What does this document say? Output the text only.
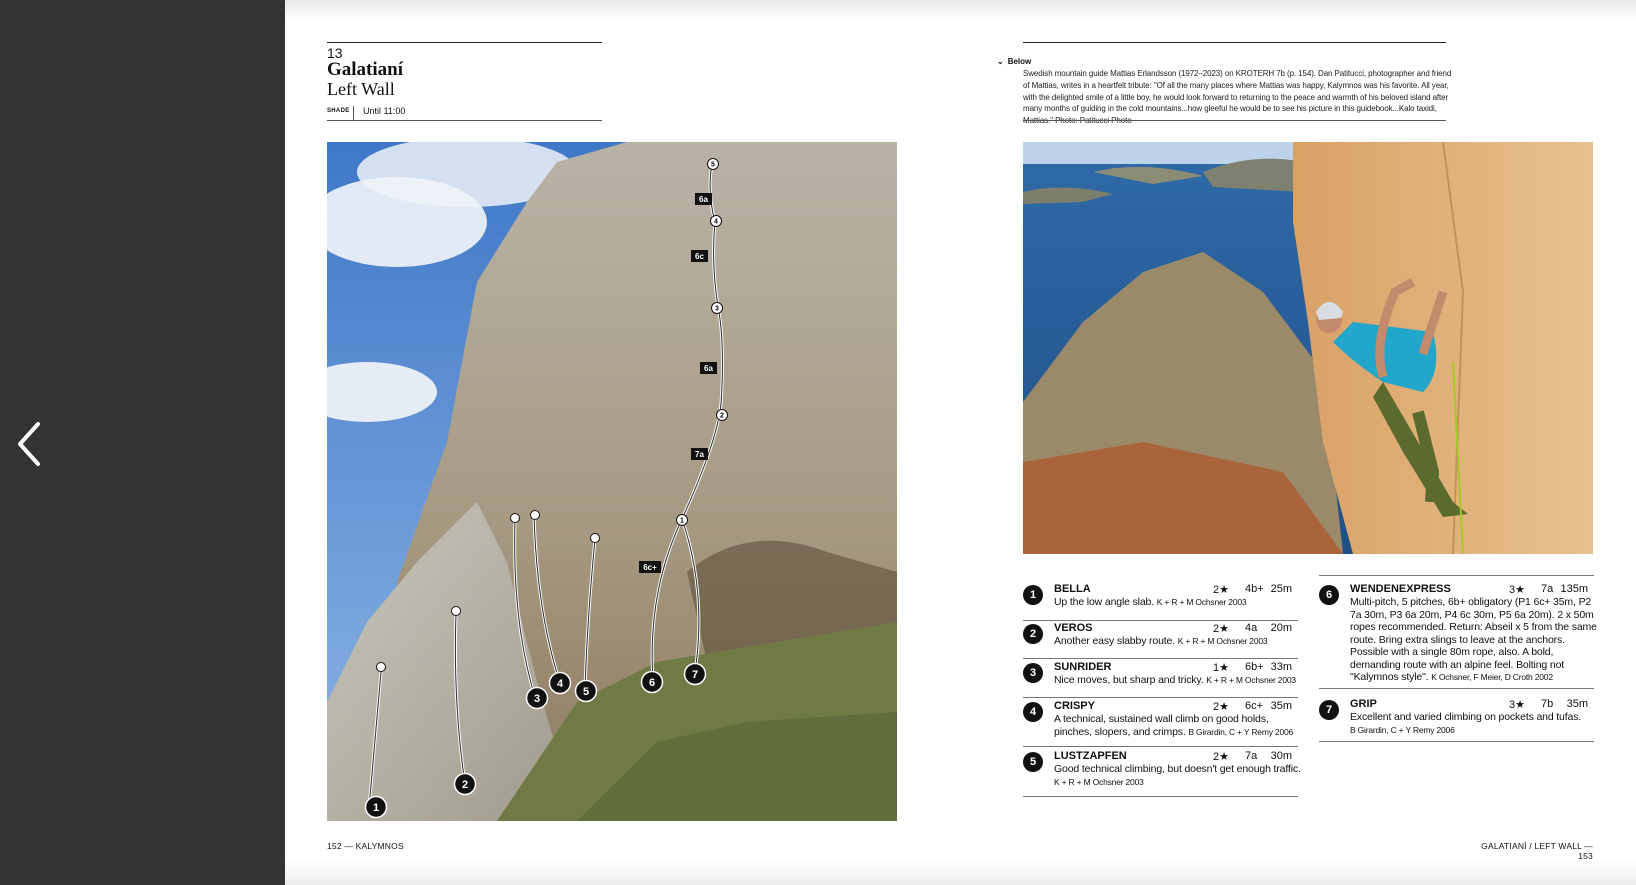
13
Galatianí
Left Wall
SHADE Until 11:00
1
2
3
4
5
6a
6c
6a
7a
6c+
1
2
3
4
5
6
7
152 — KALYMNOS
⌄ Below
Swedish mountain guide Mattias Erlandsson (1972–2023) on KROTERH 7b (p. 154). Dan Patitucci, photographer and friend of Mattias, writes in a heartfelt tribute: "Of all the many places where Mattias was happy, Kalymnos was his favorite. All year, with the delighted smile of a little boy, he would look forward to returning to the peace and warmth of his beloved island after many months of guiding in the cold mountains...how gleeful he would be to see his picture in this guidebook...Kalo taxidi, Mattias." Photo: Patitucci Photo
1	BELLA	2★ 4b+ 25m
Up the low angle slab. K + R + M Ochsner 2003
2	VEROS	2★ 4a 20m
Another easy slabby route. K + R + M Ochsner 2003
3	SUNRIDER	1★ 6b+ 33m
Nice moves, but sharp and tricky. K + R + M Ochsner 2003
4	CRISPY	2★ 6c+ 35m
A technical, sustained wall climb on good holds, pinches, slopers, and crimps. B Girardin, C + Y Remy 2006
5	LUSTZAPFEN	2★ 7a 30m
Good technical climbing, but doesn't get enough traffic. K + R + M Ochsner 2003
6	WENDENEXPRESS	3★ 7a 135m
Multi-pitch, 5 pitches, 6b+ obligatory (P1 6c+ 35m, P2 7a 30m, P3 6a 20m, P4 6c 30m, P5 6a 20m). 2 x 50m ropes recommended. Return: Abseil x 5 from the same route. Bring extra slings to leave at the anchors. Possible with a single 80m rope, also. A bold, demanding route with an alpine feel. Bolting not "Kalymnos style". K Ochsner, F Meier, D Croth 2002
7	GRIP	3★ 7b 35m
Excellent and varied climbing on pockets and tufas.
B Girardin, C + Y Remy 2006
GALATIANÍ / LEFT WALL — 153
